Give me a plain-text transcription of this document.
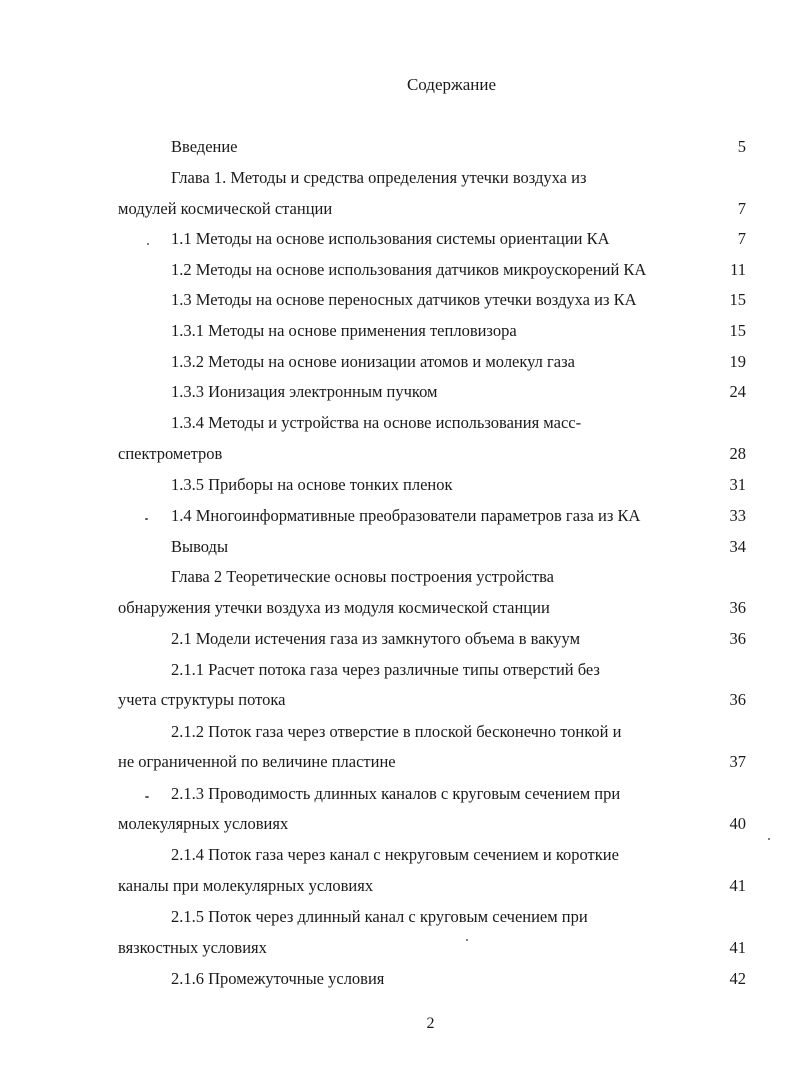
Содержание
Введение	5
Глава 1. Методы и средства определения утечки воздуха из
модулей космической станции	7
1.1 Методы на основе использования системы ориентации КА	7
1.2 Методы на основе использования датчиков микроускорений КА	11
1.3 Методы на основе переносных датчиков утечки воздуха из КА	15
1.3.1 Методы на основе применения тепловизора	15
1.3.2 Методы на основе ионизации атомов и молекул газа	19
1.3.3 Ионизация электронным пучком	24
1.3.4 Методы и устройства на основе использования масс-
спектрометров	28
1.3.5 Приборы на основе тонких пленок	31
1.4 Многоинформативные преобразователи параметров газа из КА	33
Выводы	34
Глава 2 Теоретические основы построения устройства
обнаружения утечки воздуха из модуля космической станции	36
2.1 Модели истечения газа из замкнутого объема в вакуум	36
2.1.1 Расчет потока газа через различные типы отверстий без
учета структуры потока	36
2.1.2 Поток газа через отверстие в плоской бесконечно тонкой и
не ограниченной по величине пластине	37
2.1.3 Проводимость длинных каналов с круговым сечением при
молекулярных условиях	40
2.1.4 Поток газа через канал с некруговым сечением и короткие
каналы при молекулярных условиях	41
2.1.5 Поток через длинный канал с круговым сечением при
вязкостных условиях	41
2.1.6 Промежуточные условия	42
2
